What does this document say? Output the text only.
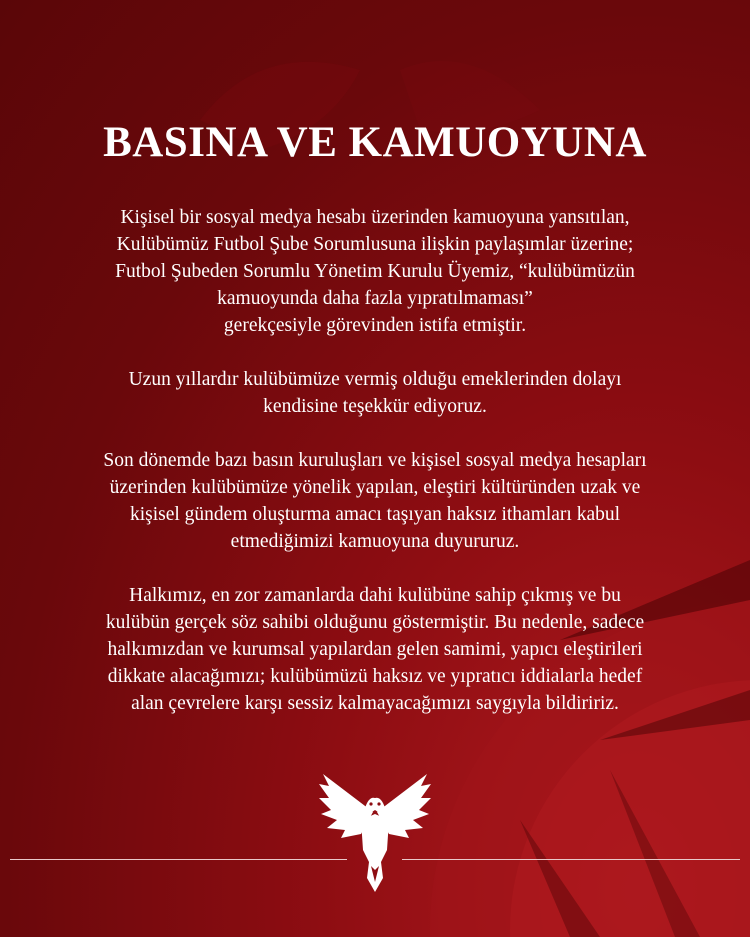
BASINA VE KAMUOYUNA

Kişisel bir sosyal medya hesabı üzerinden kamuoyuna yansıtılan,
Kulübümüz Futbol Şube Sorumlusuna ilişkin paylaşımlar üzerine;
Futbol Şubeden Sorumlu Yönetim Kurulu Üyemiz, “kulübümüzün
kamuoyunda daha fazla yıpratılmaması”
gerekçesiyle görevinden istifa etmiştir.

Uzun yıllardır kulübümüze vermiş olduğu emeklerinden dolayı
kendisine teşekkür ediyoruz.

Son dönemde bazı basın kuruluşları ve kişisel sosyal medya hesapları
üzerinden kulübümüze yönelik yapılan, eleştiri kültüründen uzak ve
kişisel gündem oluşturma amacı taşıyan haksız ithamları kabul
etmediğimizi kamuoyuna duyururuz.

Halkımız, en zor zamanlarda dahi kulübüne sahip çıkmış ve bu
kulübün gerçek söz sahibi olduğunu göstermiştir. Bu nedenle, sadece
halkımızdan ve kurumsal yapılardan gelen samimi, yapıcı eleştirileri
dikkate alacağımızı; kulübümüzü haksız ve yıpratıcı iddialarla hedef
alan çevrelere karşı sessiz kalmayacağımızı saygıyla bildiririz.
